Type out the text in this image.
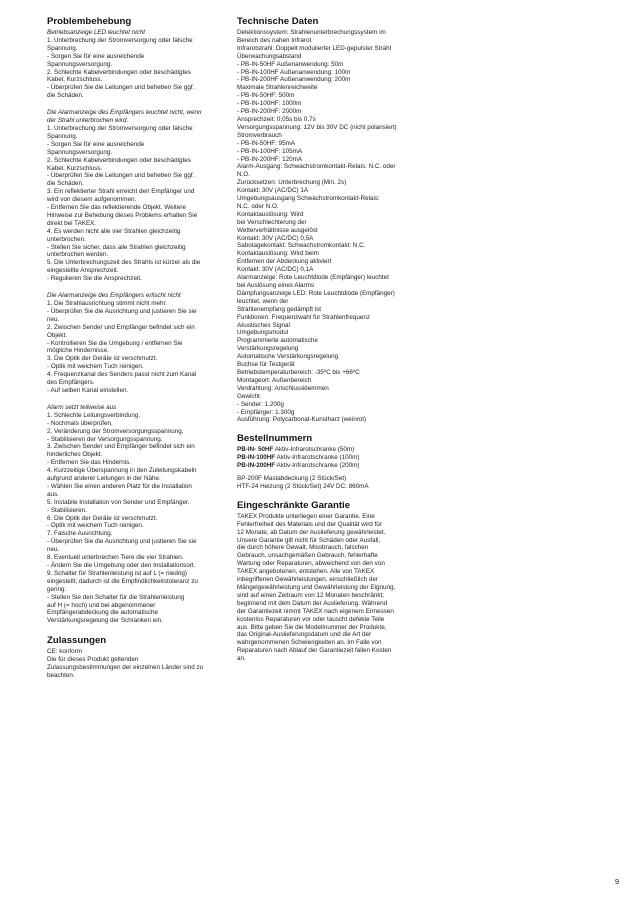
Problembehebung
Betriebsanzeige LED leuchtet nicht
1. Unterbrechung der Stromversorgung oder falsche
Spannung.
- Sorgen Sie für eine ausreichende
Spannungsversorgung.
2. Schlechte Kabelverbindungen oder beschädigtes
Kabel, Kurzschluss.
- Überprüfen Sie die Leitungen und beheben Sie ggf.
die Schäden.
Die Alarmanzeige des Empfängers leuchtet nicht, wenn
der Strahl unterbrochen wird.
1. Unterbrechung der Stromversorgung oder falsche
Spannung.
- Sorgen Sie für eine ausreichende
Spannungsversorgung.
2. Schlechte Kabelverbindungen oder beschädigtes
Kabel, Kurzschluss.
- Überprüfen Sie die Leitungen und beheben Sie ggf.
die Schäden.
3. Ein reflektierter Strahl erreicht den Empfänger und
wird von diesem aufgenommen.
- Entfernen Sie das reflektierende Objekt. Weitere
Hinweise zur Behebung dieses Problems erhalten Sie
direkt bei TAKEX.
4. Es werden nicht alle vier Strahlen gleichzeitig
unterbrochen.
- Stellen Sie sicher, dass alle Strahlen gleichzeitig
unterbrochen werden.
5. Die Unterbrechungszeit des Strahls ist kürzer als die
eingestellte Ansprechzeit.
- Regulieren Sie die Ansprechzeit.
Die Alarmanzeige des Empfängers erlischt nicht
1. Die Strahlausrichtung stimmt nicht mehr.
- Überprüfen Sie die Ausrichtung und justieren Sie sie
neu.
2. Zwischen Sender und Empfänger befindet sich ein
Objekt.
- Kontrollieren Sie die Umgebung / entfernen Sie
mögliche Hindernisse.
3. Die Optik der Geräte ist verschmutzt.
- Optik mit weichem Tuch reinigen.
4. Frequenzkanal des Senders passt nicht zum Kanal
des Empfängers.
- Auf selben Kanal einstellen.
Alarm setzt teilweise aus
1. Schlechte Leitungsverbindung.
- Nochmals überprüfen.
2. Veränderung der Stromversorgungsspannung.
- Stabilisieren der Versorgungsspannung.
3. Zwischen Sender und Empfänger befindet sich ein
hinderliches Objekt.
- Entfernen Sie das Hindernis.
4. Kurzzeitige Überspannung in den Zuleitungskabeln
aufgrund anderer Leitungen in der Nähe.
- Wählen Sie einen anderen Platz für die Installation
aus.
5. Instabile Installation von Sender und Empfänger.
- Stabilisieren.
6. Die Optik der Geräte ist verschmutzt.
- Optik mit weichem Tuch reinigen.
7. Falsche Ausrichtung.
- Überprüfen Sie die Ausrichtung und justieren Sie sie
neu.
8. Eventuell unterbrechen Tiere die vier Strahlen.
- Ändern Sie die Umgebung oder den Installationsort.
9. Schalter für Strahlenleistung ist auf L (= niedrig)
eingestellt; dadurch ist die Empfindlichkeitstoleranz zu
gering.
- Stellen Sie den Schalter für die Strahlenleistung
auf H (= hoch) und bei abgenommener
Empfängerabdeckung die automatische
Verstärkungsregelung der Schranken ein.
Zulassungen
CE: konform
Die für dieses Produkt geltenden
Zulassungsbestimmungen der einzelnen Länder sind zu
beachten.
Technische Daten
Detektionssystem: Strahlenunterbrechungssystem im
Bereich des nahen Infrarot
Infrarotstrahl: Doppelt modulierter LED-gepulster Strahl
Überwachungsabstand
- PB-IN-50HF Außenanwendung: 50m
- PB-IN-100HF Außenanwendung: 100m
- PB-IN-200HF Außenanwendung: 200m
Maximale Strahlenreichweite
- PB-IN-50HF: 500m
- PB-IN-100HF: 1000m
- PB-IN-200HF: 2000m
Ansprechzeit: 0,05s bis 0,7s
Versorgungsspannung: 12V bis 30V DC (nicht polarisiert)
Stromverbrauch
- PB-IN-50HF: 95mA
- PB-IN-100HF: 105mA
- PB-IN-200HF: 120mA
Alarm-Ausgang: Schwachstromkontakt-Relais: N.C. oder
N.O.
Zurücksetzen: Unterbrechung (Min. 2s)
Kontakt: 30V (AC/DC) 1A
Umgebungsausgang Schwachstromkontakt-Relais:
N.C. oder N.O.
Kontaktauslösung: Wird
bei Verschlechterung der
Wetterverhältnisse ausgelöst
Kontakt: 30V (AC/DC) 0,5A
Sabotagekontakt: Schwachstromkontakt: N.C.
Kontaktauslösung: Wird beim
Entfernen der Abdeckung aktiviert
Kontakt: 30V (AC/DC) 0,1A
Alarmanzeige: Rote Leuchtdiode (Empfänger) leuchtet
bei Auslösung eines Alarms
Dämpfungsanzeige LED: Rote Leuchtdiode (Empfänger)
leuchtet, wenn der
Strahlenempfang gedämpft ist
Funktionen: Frequenzwahl für Strahlenfrequenz
Akustisches Signal
Umgebungsmodul
Programmierte automatische
Verstärkungsregelung
Automatische Verstärkungsregelung
Buchse für Testgerät
Betriebstemperaturbereich: -35ºC bis +66ºC
Montageort: Außenbereich
Verdrahtung: Anschlussklemmen
Gewicht
- Sender: 1.200g
- Empfänger: 1.300g
Ausführung: Polycarbonat-Kunstharz (weinrot)
Bestellnummern
PB-IN- 50HF Aktiv-Infrarotschranke (50m)
PB-IN-100HF Aktiv-Infrarotschranke (100m)
PB-IN-200HF Aktiv-Infrarotschranke (200m)
BP-200F Mastabdeckung (2 Stück/Set)
HTF-24 Heizung (2 Stück/Set) 24V DC: 860mA
Eingeschränkte Garantie
TAKEX Produkte unterliegen einer Garantie. Eine
Fehlerfreiheit des Materials und der Qualität wird für
12 Monate, ab Datum der Auslieferung gewährleistet.
Unsere Garantie gilt nicht für Schäden oder Ausfall,
die durch höhere Gewalt, Missbrauch, falschen
Gebrauch, unsachgemäßen Gebrauch, fehlerhafte
Wartung oder Reparaturen, abweichend von den von
TAKEX angebotenen, entstehen. Alle von TAKEX
inbegriffenen Gewährleistungen, einschließlich der
Mängelgewährleistung und Gewährleistung der Eignung,
sind auf einen Zeitraum von 12 Monaten beschränkt;
beginnend mit dem Datum der Auslieferung. Während
der Garantiezeit nimmt TAKEX nach eigenem Ermessen
kostenlos Reparaturen vor oder tauscht defekte Teile
aus. Bitte geben Sie die Modellnummer der Produkte,
das Original-Auslieferungsdatum und die Art der
wahrgenommenen Schwierigkeiten an. Im Falle von
Reparaturen nach Ablauf der Garantiezeit fallen Kosten
an.
9
